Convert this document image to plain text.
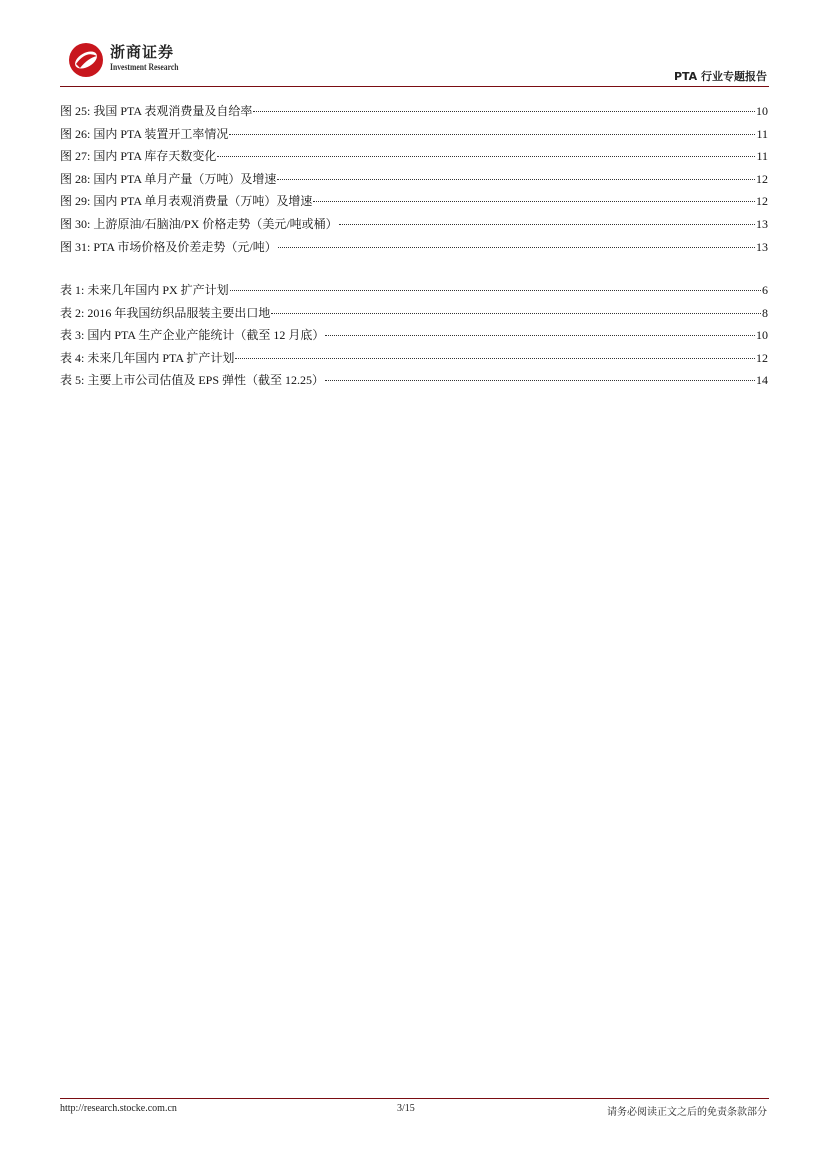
浙商证券
Investment Research
PTA 行业专题报告
图 25: 我国 PTA 表观消费量及自给率	10
图 26: 国内 PTA 装置开工率情况	11
图 27: 国内 PTA 库存天数变化	11
图 28: 国内 PTA 单月产量（万吨）及增速	12
图 29: 国内 PTA 单月表观消费量（万吨）及增速	12
图 30: 上游原油/石脑油/PX 价格走势（美元/吨或桶）	13
图 31: PTA 市场价格及价差走势（元/吨）	13
表 1: 未来几年国内 PX 扩产计划	6
表 2: 2016 年我国纺织品服装主要出口地	8
表 3: 国内 PTA 生产企业产能统计（截至 12 月底）	10
表 4: 未来几年国内 PTA 扩产计划	12
表 5: 主要上市公司估值及 EPS 弹性（截至 12.25）	14
http://research.stocke.com.cn	3/15	请务必阅读正文之后的免责条款部分
